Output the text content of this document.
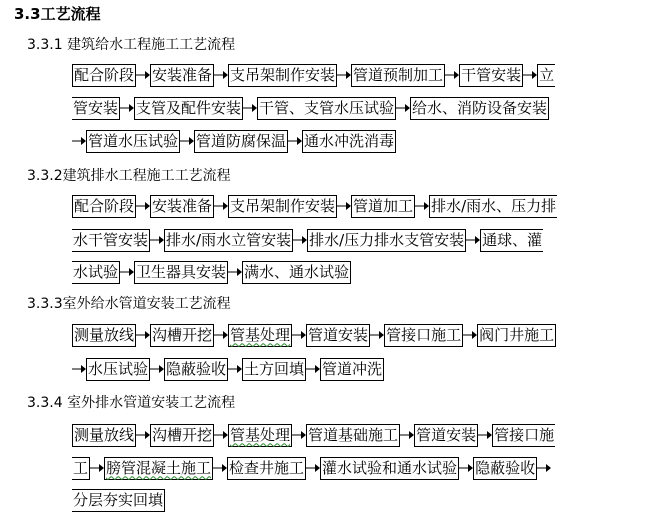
3.3工艺流程
3.3.1 建筑给水工程施工工艺流程
配合阶段 安装准备 支吊架制作安装 管道预制加工 干管安装 立
管安装 支管及配件安装 干管、支管水压试验 给水、消防设备安装
管道水压试验 管道防腐保温 通水冲洗消毒
3.3.2建筑排水工程施工工艺流程
配合阶段 安装准备 支吊架制作安装 管道加工 排水/雨水、压力排
水干管安装 排水/雨水立管安装 排水/压力排水支管安装 通球、灌
水试验 卫生器具安装 满水、通水试验
3.3.3室外给水管道安装工艺流程
测量放线 沟槽开挖 管基处理 管道安装 管接口施工 阀门井施工
水压试验 隐蔽验收 土方回填 管道冲洗
3.3.4 室外排水管道安装工艺流程
测量放线 沟槽开挖 管基处理 管道基础施工 管道安装 管接口施
工 膀管混凝土施工 检查井施工 灌水试验和通水试验 隐蔽验收
分层夯实回填
